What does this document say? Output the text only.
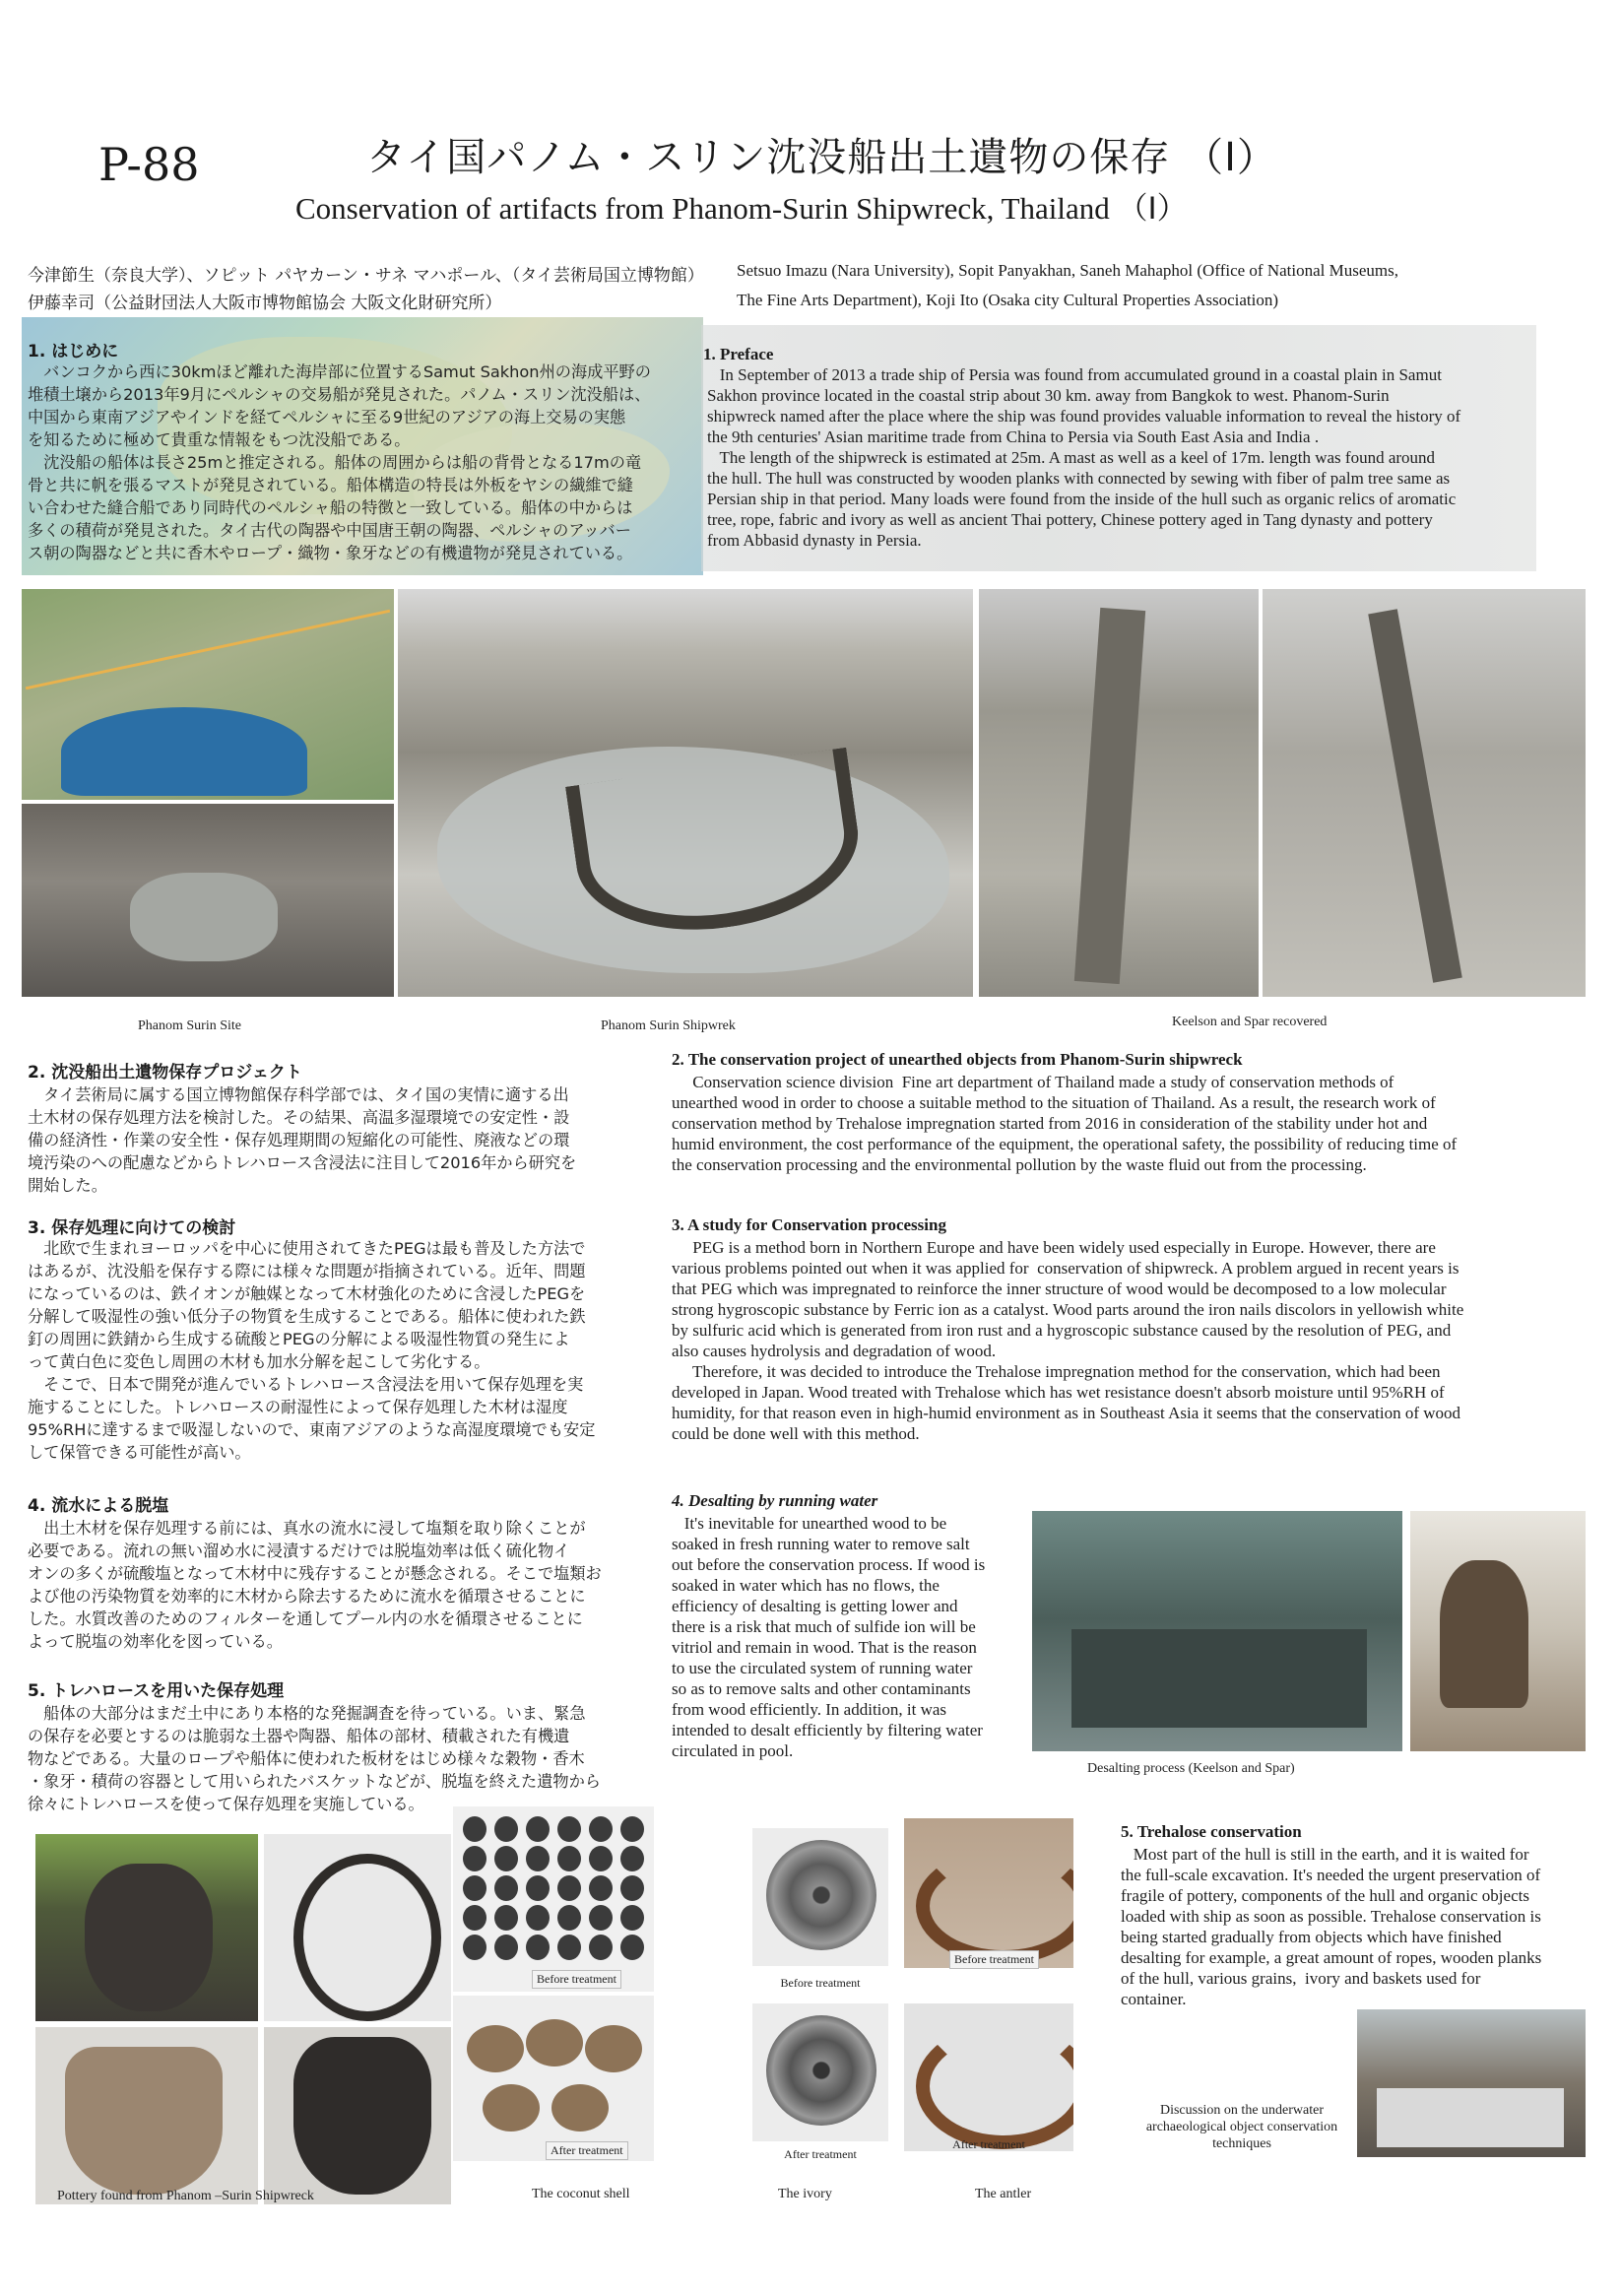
P-88	タイ国パノム・スリン沈没船出土遺物の保存 （Ⅰ）
Conservation of artifacts from Phanom-Surin Shipwreck, Thailand （Ⅰ）
今津節生（奈良大学）、ソピット パヤカーン・サネ マハポール、（タイ芸術局国立博物館）
伊藤幸司（公益財団法人大阪市博物館協会 大阪文化財研究所）
Setsuo Imazu (Nara University), Sopit Panyakhan, Saneh Mahaphol (Office of National Museums,
The Fine Arts Department), Koji Ito (Osaka city Cultural Properties Association)
1. はじめに
　バンコクから西に30kmほど離れた海岸部に位置するSamut Sakhon州の海成平野の
堆積土壌から2013年9月にペルシャの交易船が発見された。パノム・スリン沈没船は、
中国から東南アジアやインドを経てペルシャに至る9世紀のアジアの海上交易の実態
を知るために極めて貴重な情報をもつ沈没船である。
　沈没船の船体は長さ25mと推定される。船体の周囲からは船の背骨となる17mの竜
骨と共に帆を張るマストが発見されている。船体構造の特長は外板をヤシの繊維で縫
い合わせた縫合船であり同時代のペルシャ船の特徴と一致している。船体の中からは
多くの積荷が発見された。タイ古代の陶器や中国唐王朝の陶器、ペルシャのアッバー
ス朝の陶器などと共に香木やロープ・織物・象牙などの有機遺物が発見されている。
1. Preface
In September of 2013 a trade ship of Persia was found from accumulated ground in a coastal plain in Samut
Sakhon province located in the coastal strip about 30 km. away from Bangkok to west. Phanom-Surin
shipwreck named after the place where the ship was found provides valuable information to reveal the history of
the 9th centuries' Asian maritime trade from China to Persia via South East Asia and India .
The length of the shipwreck is estimated at 25m. A mast as well as a keel of 17m. length was found around
the hull. The hull was constructed by wooden planks with connected by sewing with fiber of palm tree same as
Persian ship in that period. Many loads were found from the inside of the hull such as organic relics of aromatic
tree, rope, fabric and ivory as well as ancient Thai pottery, Chinese pottery aged in Tang dynasty and pottery
from Abbasid dynasty in Persia.
Phanom Surin Site	Phanom Surin Shipwrek	Keelson and Spar recovered
2. 沈没船出土遺物保存プロジェクト
　タイ芸術局に属する国立博物館保存科学部では、タイ国の実情に適する出
土木材の保存処理方法を検討した。その結果、高温多湿環境での安定性・設
備の経済性・作業の安全性・保存処理期間の短縮化の可能性、廃液などの環
境汚染のへの配慮などからトレハロース含浸法に注目して2016年から研究を
開始した。
2. The conservation project of unearthed objects from Phanom-Surin shipwreck
Conservation science division  Fine art department of Thailand made a study of conservation methods of
unearthed wood in order to choose a suitable method to the situation of Thailand. As a result, the research work of
conservation method by Trehalose impregnation started from 2016 in consideration of the stability under hot and
humid environment, the cost performance of the equipment, the operational safety, the possibility of reducing time of
the conservation processing and the environmental pollution by the waste fluid out from the processing.
3. 保存処理に向けての検討
　北欧で生まれヨーロッパを中心に使用されてきたPEGは最も普及した方法で
はあるが、沈没船を保存する際には様々な問題が指摘されている。近年、問題
になっているのは、鉄イオンが触媒となって木材強化のために含浸したPEGを
分解して吸湿性の強い低分子の物質を生成することである。船体に使われた鉄
釘の周囲に鉄錆から生成する硫酸とPEGの分解による吸湿性物質の発生によ
って黄白色に変色し周囲の木材も加水分解を起こして劣化する。
　そこで、日本で開発が進んでいるトレハロース含浸法を用いて保存処理を実
施することにした。トレハロースの耐湿性によって保存処理した木材は湿度
95%RHに達するまで吸湿しないので、東南アジアのような高湿度環境でも安定
して保管できる可能性が高い。
3. A study for Conservation processing
PEG is a method born in Northern Europe and have been widely used especially in Europe. However, there are
various problems pointed out when it was applied for  conservation of shipwreck. A problem argued in recent years is
that PEG which was impregnated to reinforce the inner structure of wood would be decomposed to a low molecular
strong hygroscopic substance by Ferric ion as a catalyst. Wood parts around the iron nails discolors in yellowish white
by sulfuric acid which is generated from iron rust and a hygroscopic substance caused by the resolution of PEG, and
also causes hydrolysis and degradation of wood.
Therefore, it was decided to introduce the Trehalose impregnation method for the conservation, which had been
developed in Japan. Wood treated with Trehalose which has wet resistance doesn't absorb moisture until 95%RH of
humidity, for that reason even in high-humid environment as in Southeast Asia it seems that the conservation of wood
could be done well with this method.
4. 流水による脱塩
　出土木材を保存処理する前には、真水の流水に浸して塩類を取り除くことが
必要である。流れの無い溜め水に浸漬するだけでは脱塩効率は低く硫化物イ
オンの多くが硫酸塩となって木材中に残存することが懸念される。そこで塩類お
よび他の汚染物質を効率的に木材から除去するために流水を循環させることに
した。水質改善のためのフィルターを通してプール内の水を循環させることに
よって脱塩の効率化を図っている。
4. Desalting by running water
It's inevitable for unearthed wood to be
soaked in fresh running water to remove salt
out before the conservation process. If wood is
soaked in water which has no flows, the
efficiency of desalting is getting lower and
there is a risk that much of sulfide ion will be
vitriol and remain in wood. That is the reason
to use the circulated system of running water
so as to remove salts and other contaminants
from wood efficiently. In addition, it was
intended to desalt efficiently by filtering water
circulated in pool.
Desalting process (Keelson and Spar)
5. トレハロースを用いた保存処理
　船体の大部分はまだ土中にあり本格的な発掘調査を待っている。いま、緊急
の保存を必要とするのは脆弱な土器や陶器、船体の部材、積載された有機遺
物などである。大量のロープや船体に使われた板材をはじめ様々な穀物・香木
・象牙・積荷の容器として用いられたバスケットなどが、脱塩を終えた遺物から
徐々にトレハロースを使って保存処理を実施している。
5. Trehalose conservation
Most part of the hull is still in the earth, and it is waited for
the full-scale excavation. It's needed the urgent preservation of
fragile of pottery, components of the hull and organic objects
loaded with ship as soon as possible. Trehalose conservation is
being started gradually from objects which have finished
desalting for example, a great amount of ropes, wooden planks
of the hull, various grains,  ivory and baskets used for
container.
Pottery found from Phanom –Surin Shipwreck
Before treatment
After treatment
The coconut shell
Before treatment
After treatment
The ivory
Before treatment
After treatment
The antler
Discussion on the underwater
archaeological object conservation
techniques
